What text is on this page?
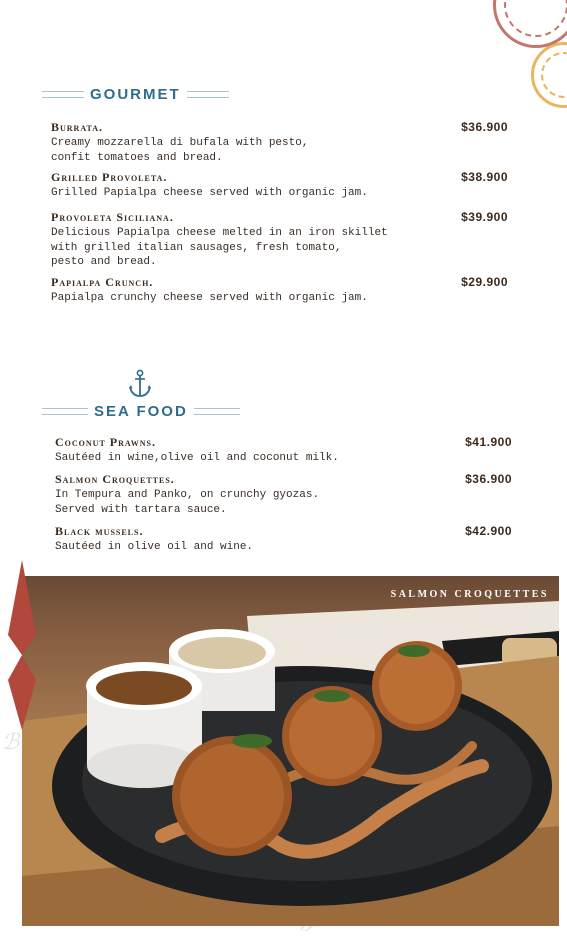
ℬ
GOURMET
Burrata.	$36.900
Creamy mozzarella di bufala with pesto,
confit tomatoes and bread.
Grilled Provoleta.	$38.900
Grilled Papialpa cheese served with organic jam.
Provoleta Siciliana.	$39.900
Delicious Papialpa cheese melted in an iron skillet
with grilled italian sausages, fresh tomato,
pesto and bread.
Papialpa Crunch.	$29.900
Papialpa crunchy cheese served with organic jam.
SEA FOOD
Coconut Prawns.	$41.900
Sautéed in wine,olive oil and coconut milk.
Salmon Croquettes.	$36.900
In Tempura and Panko, on crunchy gyozas.
Served with tartara sauce.
Black mussels.	$42.900
Sautéed in olive oil and wine.
SALMON CROQUETTES
